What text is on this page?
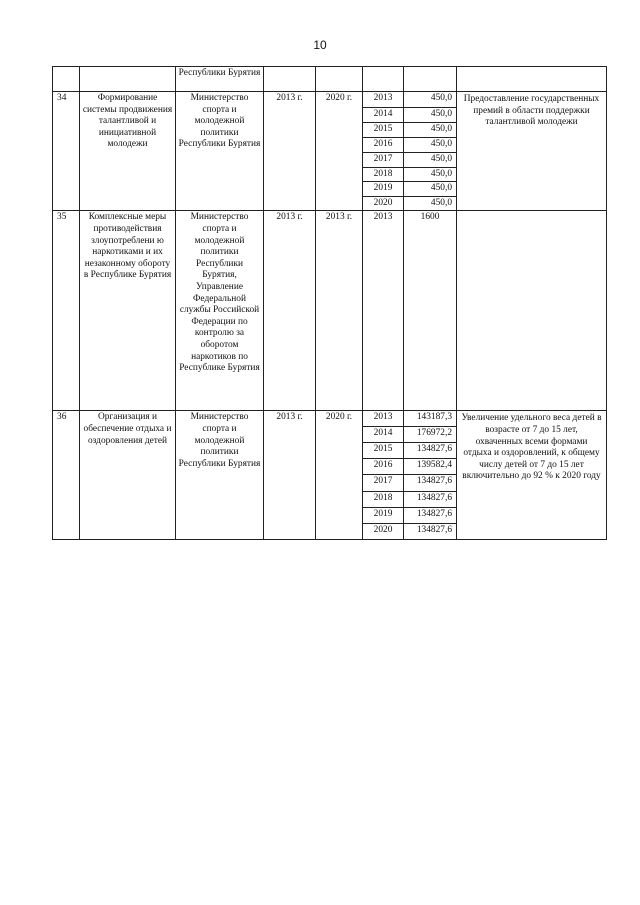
10
		Республики Бурятия					
34	Формирование системы продвижения талантливой и инициативной молодежи	Министерство спорта и молодежной политики Республики Бурятия	2013 г.	2020 г.	2013	450,0	Предоставление государственных премий в области поддержки талантливой молодежи
					2014	450,0	
					2015	450,0	
					2016	450,0	
					2017	450,0	
					2018	450,0	
					2019	450,0	
					2020	450,0	
35	Комплексные меры противодействия злоупотреблени ю наркотиками и их незаконному обороту в Республике Бурятия	Министерство спорта и молодежной политики Республики Бурятия, Управление Федеральной службы Российской Федерации по контролю за оборотом наркотиков по Республике Бурятия	2013 г.	2013 г.	2013	1600	
36	Организация и обеспечение отдыха и оздоровления детей	Министерство спорта и молодежной политики Республики Бурятия	2013 г.	2020 г.	2013	143187,3	Увеличение удельного веса детей в возрасте от 7 до 15 лет, охваченных всеми формами отдыха и оздоровлений, к общему числу детей от 7 до 15 лет включительно до 92 % к 2020 году
					2014	176972,2	
					2015	134827,6	
					2016	139582,4	
					2017	134827,6	
					2018	134827,6	
					2019	134827,6	
					2020	134827,6	
